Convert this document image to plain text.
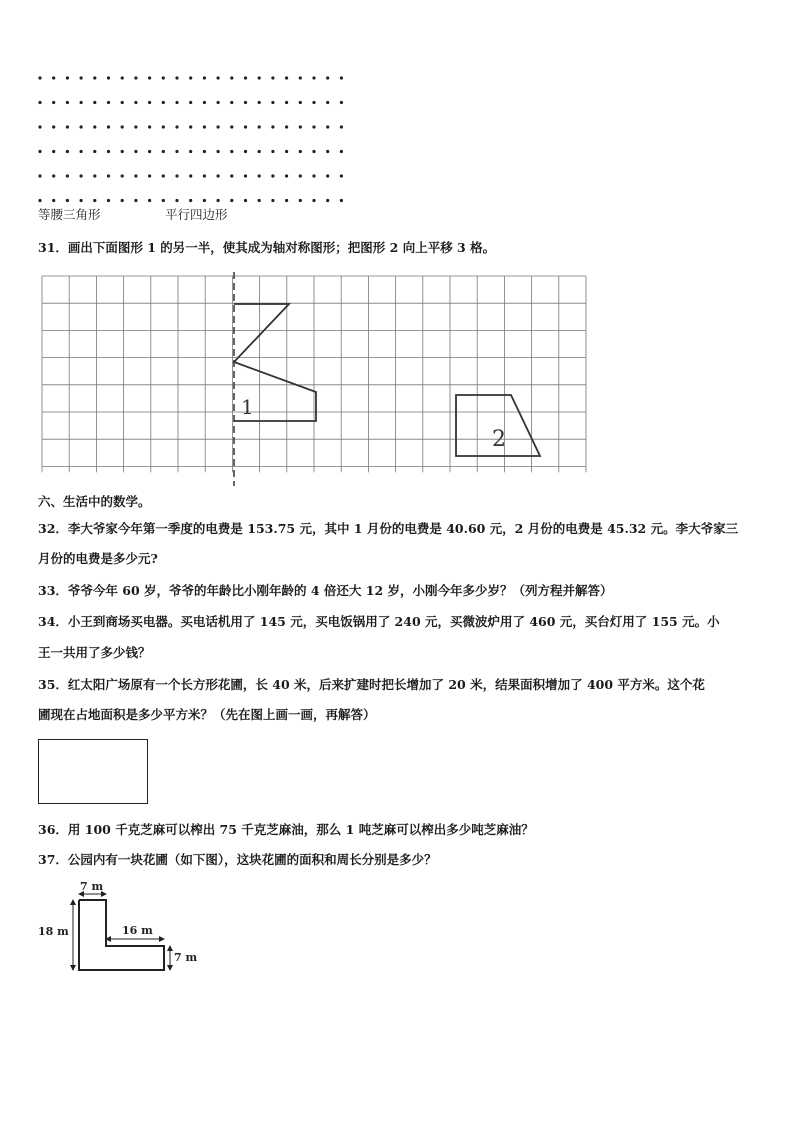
等腰三角形	平行四边形
31．画出下面图形 1 的另一半，使其成为轴对称图形；把图形 2 向上平移 3 格。
1
2
六、生活中的数学。
32．李大爷家今年第一季度的电费是 153.75 元，其中 1 月份的电费是 40.60 元，2 月份的电费是 45.32 元。李大爷家三
月份的电费是多少元?
33．爷爷今年 60 岁，爷爷的年龄比小刚年龄的 4 倍还大 12 岁，小刚今年多少岁？（列方程并解答）
34．小王到商场买电器。买电话机用了 145 元，买电饭锅用了 240 元，买微波炉用了 460 元，买台灯用了 155 元。小
王一共用了多少钱？
35．红太阳广场原有一个长方形花圃，长 40 米，后来扩建时把长增加了 20 米，结果面积增加了 400 平方米。这个花
圃现在占地面积是多少平方米？（先在图上画一画，再解答）
36．用 100 千克芝麻可以榨出 75 千克芝麻油，那么 1 吨芝麻可以榨出多少吨芝麻油？
37．公园内有一块花圃（如下图），这块花圃的面积和周长分别是多少？
7 m
18 m	16 m
7 m
